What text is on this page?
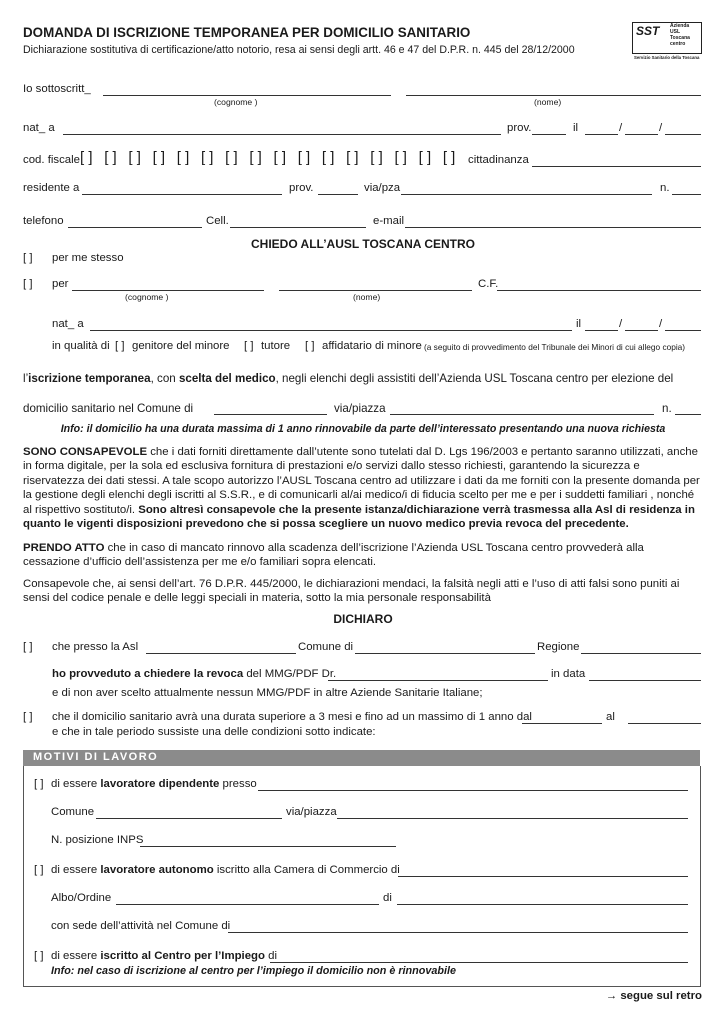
DOMANDA DI ISCRIZIONE TEMPORANEA PER DOMICILIO SANITARIO
Dichiarazione sostitutiva di certificazione/atto notorio, resa ai sensi degli artt. 46 e 47 del D.P.R. n. 445 del 28/12/2000
SST Azienda USL Toscana centro
Servizio Sanitario della Toscana
Io sottoscritt_
(cognome )	(nome)
nat_ a	prov.	il	/	/
cod. fiscale [ ] [ ] [ ] [ ] [ ] [ ] [ ] [ ] [ ] [ ] [ ] [ ] [ ] [ ] [ ] [ ]	cittadinanza
residente a	prov.	via/pza	n.
telefono	Cell.	e-mail
CHIEDO ALL’AUSL TOSCANA CENTRO
[ ] per me stesso
[ ] per	C.F.
(cognome )	(nome)
nat_ a	il	/	/
in qualità di [ ] genitore del minore [ ] tutore [ ] affidatario di minore (a seguito di provvedimento del Tribunale dei Minori di cui allego copia)
l’iscrizione temporanea, con scelta del medico, negli elenchi degli assistiti dell’Azienda USL Toscana centro per elezione del
domicilio sanitario nel Comune di	via/piazza	n.
Info: il domicilio ha una durata massima di 1 anno rinnovabile da parte dell’interessato presentando una nuova richiesta
SONO CONSAPEVOLE che i dati forniti direttamente dall’utente sono tutelati dal D. Lgs 196/2003 e pertanto saranno utilizzati, anche in forma digitale, per la sola ed esclusiva fornitura di prestazioni e/o servizi dallo stesso richiesti, garantendo la sicurezza e riservatezza dei dati stessi. A tale scopo autorizzo l’AUSL Toscana centro ad utilizzare i dati da me forniti con la presente domanda per la gestione degli elenchi degli iscritti al S.S.R., e di comunicarli al/ai medico/i di fiducia scelto per me e per i suddetti familiari , nonché al rispettivo sostituto/i. Sono altresì consapevole che la presente istanza/dichiarazione verrà trasmessa alla Asl di residenza in quanto le vigenti disposizioni prevedono che si possa scegliere un nuovo medico previa revoca del precedente.
PRENDO ATTO che in caso di mancato rinnovo alla scadenza dell’iscrizione l’Azienda USL Toscana centro provvederà alla cessazione d’ufficio dell’assistenza per me e/o familiari sopra elencati.
Consapevole che, ai sensi dell’art. 76 D.P.R. 445/2000, le dichiarazioni mendaci, la falsità negli atti e l’uso di atti falsi sono puniti ai sensi del codice penale e delle leggi speciali in materia, sotto la mia personale responsabilità
DICHIARO
[ ] che presso la Asl	Comune di	Regione
ho provveduto a chiedere la revoca del MMG/PDF Dr.	in data
e di non aver scelto attualmente nessun MMG/PDF in altre Aziende Sanitarie Italiane;
[ ] che il domicilio sanitario avrà una durata superiore a 3 mesi e fino ad un massimo di 1 anno dal	al
e che in tale periodo sussiste una delle condizioni sotto indicate:
MOTIVI DI LAVORO
[ ] di essere lavoratore dipendente presso
Comune	via/piazza
N. posizione INPS
[ ] di essere lavoratore autonomo iscritto alla Camera di Commercio di
Albo/Ordine	di
con sede dell’attività nel Comune di
[ ] di essere iscritto al Centro per l’Impiego di
Info: nel caso di iscrizione al centro per l’impiego il domicilio non è rinnovabile
→ segue sul retro
